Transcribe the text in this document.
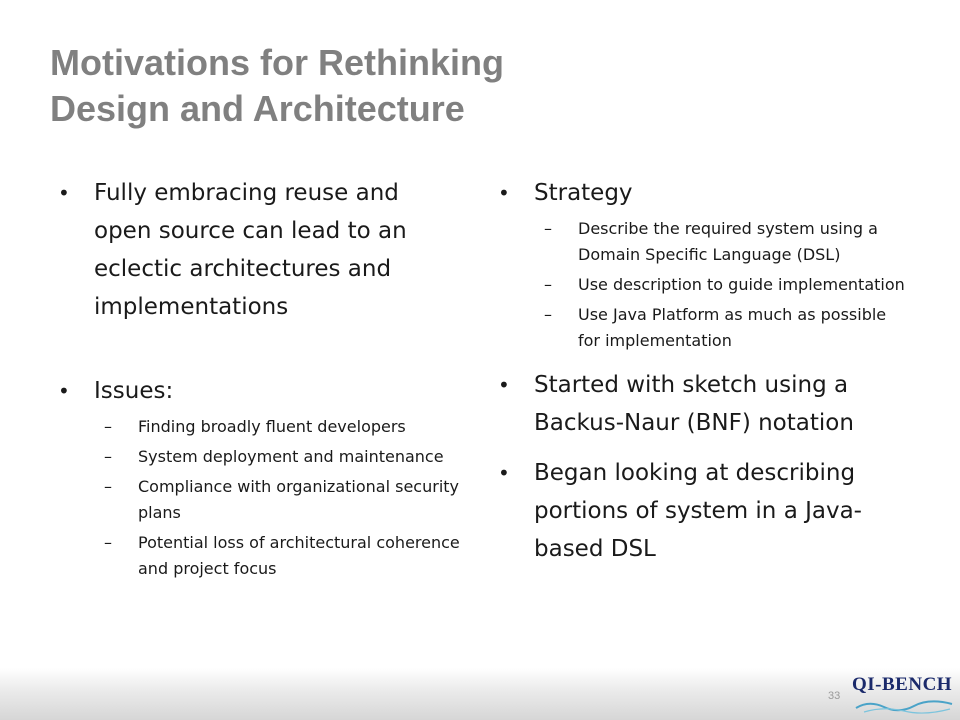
Motivations for Rethinking
Design and Architecture
• Fully embracing reuse and open source can lead to an eclectic architectures and implementations
• Issues:
– Finding broadly fluent developers
– System deployment and maintenance
– Compliance with organizational security plans
– Potential loss of architectural coherence and project focus
• Strategy
– Describe the required system using a Domain Specific Language (DSL)
– Use description to guide implementation
– Use Java Platform as much as possible for implementation
• Started with sketch using a Backus-Naur (BNF) notation
• Began looking at describing portions of system in a Java-based DSL
33
QI-BENCH
